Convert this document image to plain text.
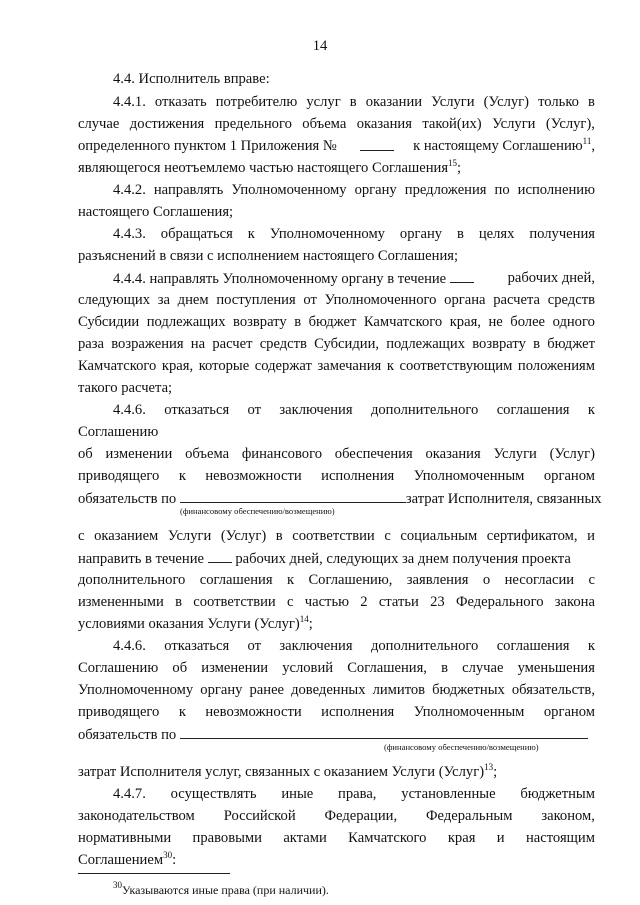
14
4.4. Исполнитель вправе:
4.4.1. отказать потребителю услуг в оказании Услуги (Услуг) только в
случае достижения предельного объема оказания такой(их) Услуги (Услуг),
определенного пунктом 1 Приложения №	к настоящему Соглашению$^{11}$,
являющегося неотъемлемо частью настоящего Соглашения$^{15}$;
4.4.2. направлять Уполномоченному органу предложения по исполнению
настоящего Соглашения;
4.4.3. обращаться к Уполномоченному органу в целях получения
разъяснений в связи с исполнением настоящего Соглашения;
4.4.4. направлять Уполномоченному органу в течение	рабочих дней,
следующих за днем поступления от Уполномоченного органа расчета средств
Субсидии подлежащих возврату в бюджет Камчатского края, не более одного
раза возражения на расчет средств Субсидии, подлежащих возврату в бюджет
Камчатского края, которые содержат замечания к соответствующим положениям
такого расчета;
4.4.6. отказаться от заключения дополнительного соглашения к
Соглашению
об изменении объема финансового обеспечения оказания Услуги (Услуг)
приводящего к невозможности исполнения Уполномоченным органом
обязательств по	затрат Исполнителя, связанных
(финансовому обеспечению/возмещению)
с оказанием Услуги (Услуг) в соответствии с социальным сертификатом, и
направить в течение рабочих дней, следующих за днем получения проекта
дополнительного соглашения к Соглашению, заявления о несогласии с
измененными в соответствии с частью 2 статьи 23 Федерального закона
условиями оказания Услуги (Услуг)$^{14}$;
4.4.6. отказаться от заключения дополнительного соглашения к
Соглашению об изменении условий Соглашения, в случае уменьшения
Уполномоченному органу ранее доведенных лимитов бюджетных обязательств,
приводящего к невозможности исполнения Уполномоченным органом
обязательств по
(финансовому обеспечению/возмещению)
затрат Исполнителя услуг, связанных с оказанием Услуги (Услуг)$^{13}$;
4.4.7. осуществлять иные права, установленные бюджетным
законодательством Российской Федерации, Федеральным законом,
нормативными правовыми актами Камчатского края и настоящим
Соглашением$^{30}$:
$^{30}$Указываются иные права (при наличии).
